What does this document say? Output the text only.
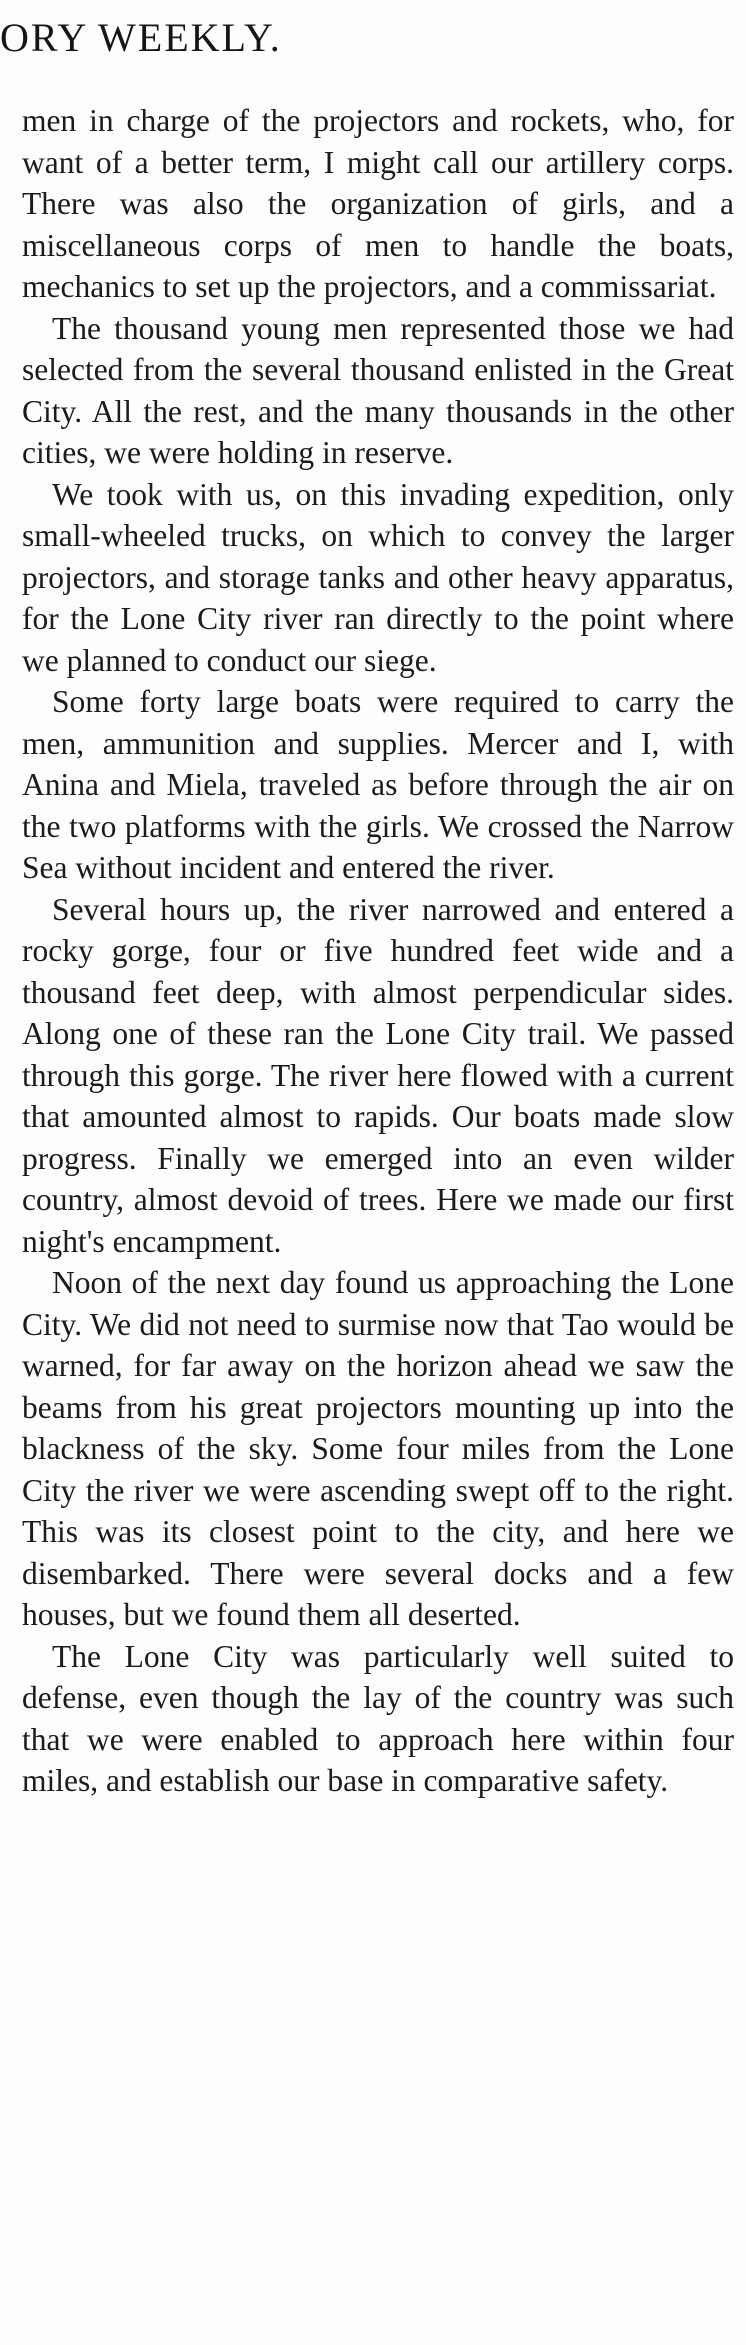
ORY WEEKLY.

men in charge of the projectors and rockets, who, for want of a better term, I might call our artillery corps. There was also the organization of girls, and a miscellaneous corps of men to handle the boats, mechanics to set up the projectors, and a commissariat.

The thousand young men represented those we had selected from the several thousand enlisted in the Great City. All the rest, and the many thousands in the other cities, we were holding in reserve.

We took with us, on this invading expedition, only small-wheeled trucks, on which to convey the larger projectors, and storage tanks and other heavy apparatus, for the Lone City river ran directly to the point where we planned to conduct our siege.

Some forty large boats were required to carry the men, ammunition and supplies. Mercer and I, with Anina and Miela, traveled as before through the air on the two platforms with the girls. We crossed the Narrow Sea without incident and entered the river.

Several hours up, the river narrowed and entered a rocky gorge, four or five hundred feet wide and a thousand feet deep, with almost perpendicular sides. Along one of these ran the Lone City trail. We passed through this gorge. The river here flowed with a current that amounted almost to rapids. Our boats made slow progress. Finally we emerged into an even wilder country, almost devoid of trees. Here we made our first night's encampment.

Noon of the next day found us approaching the Lone City. We did not need to surmise now that Tao would be warned, for far away on the horizon ahead we saw the beams from his great projectors mounting up into the blackness of the sky. Some four miles from the Lone City the river we were ascending swept off to the right. This was its closest point to the city, and here we disembarked. There were several docks and a few houses, but we found them all deserted.

The Lone City was particularly well suited to defense, even though the lay of the country was such that we were enabled to approach here within four miles, and establish our base in comparative safety.
